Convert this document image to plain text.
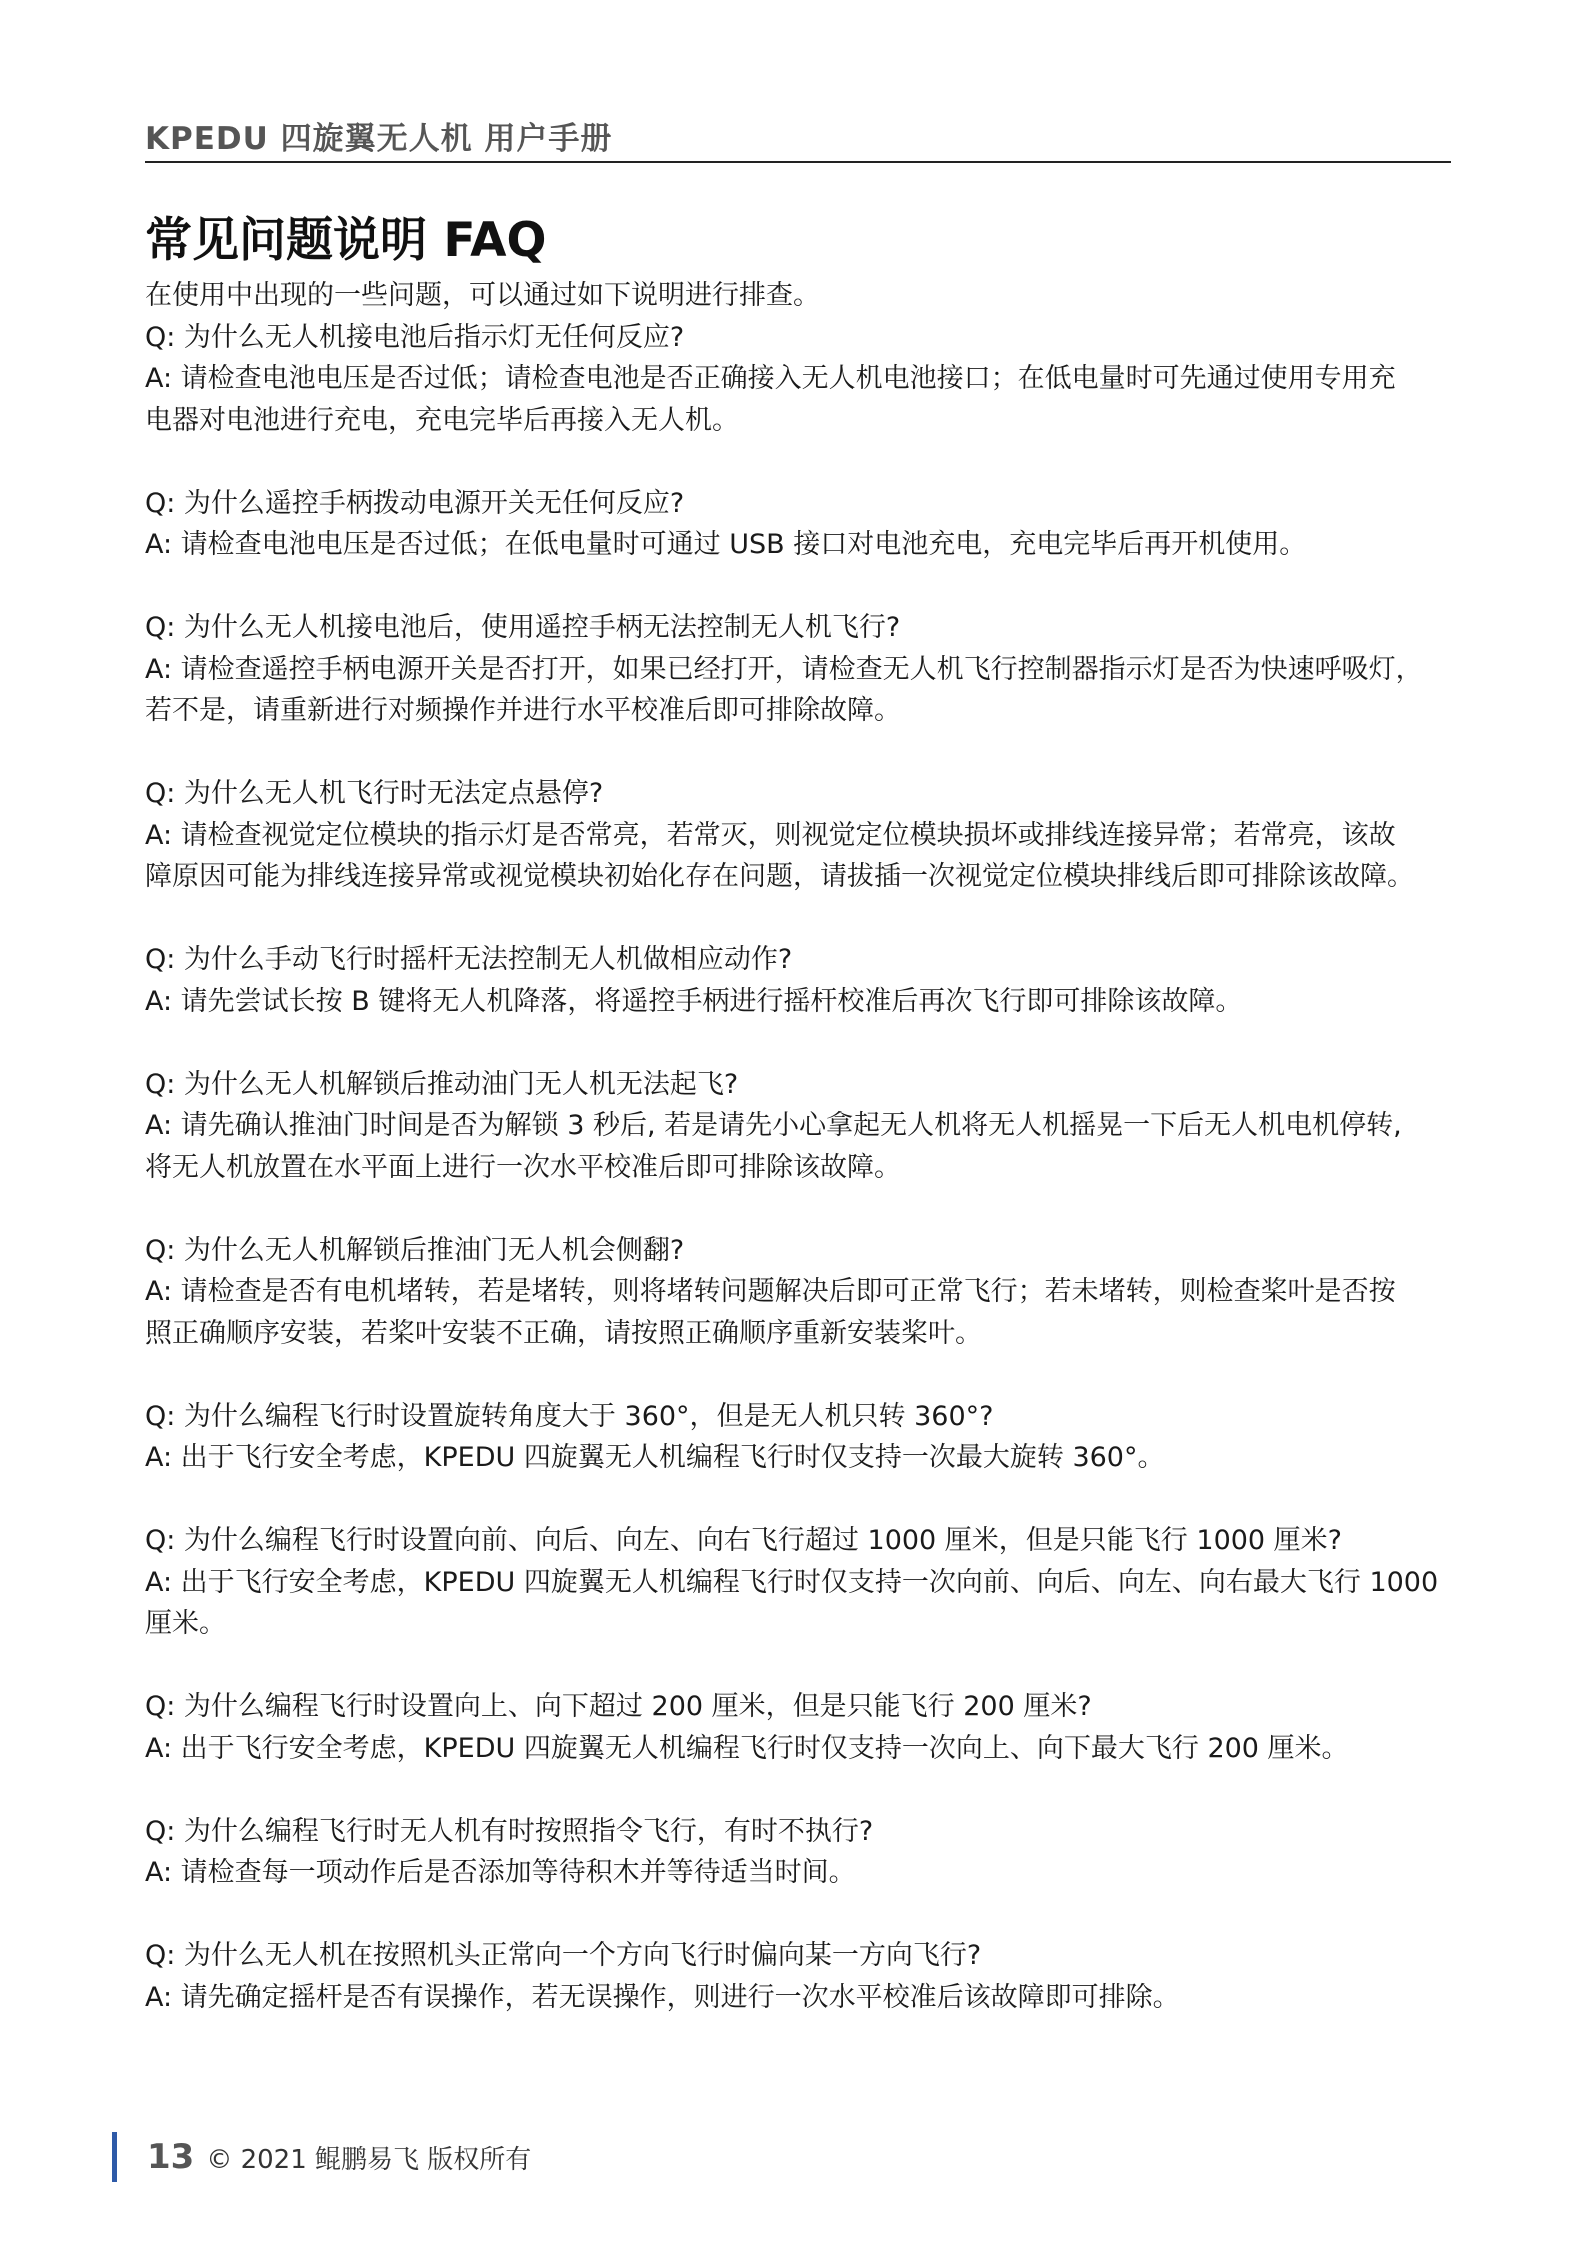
KPEDU 四旋翼无人机 用户手册
常见问题说明 FAQ
在使用中出现的一些问题，可以通过如下说明进行排查。
Q: 为什么无人机接电池后指示灯无任何反应?
A: 请检查电池电压是否过低；请检查电池是否正确接入无人机电池接口；在低电量时可先通过使用专用充
电器对电池进行充电，充电完毕后再接入无人机。
Q: 为什么遥控手柄拨动电源开关无任何反应?
A: 请检查电池电压是否过低；在低电量时可通过 USB 接口对电池充电，充电完毕后再开机使用。
Q: 为什么无人机接电池后，使用遥控手柄无法控制无人机飞行?
A: 请检查遥控手柄电源开关是否打开，如果已经打开，请检查无人机飞行控制器指示灯是否为快速呼吸灯，
若不是，请重新进行对频操作并进行水平校准后即可排除故障。
Q: 为什么无人机飞行时无法定点悬停?
A: 请检查视觉定位模块的指示灯是否常亮，若常灭，则视觉定位模块损坏或排线连接异常；若常亮，该故
障原因可能为排线连接异常或视觉模块初始化存在问题，请拔插一次视觉定位模块排线后即可排除该故障。
Q: 为什么手动飞行时摇杆无法控制无人机做相应动作?
A: 请先尝试长按 B 键将无人机降落，将遥控手柄进行摇杆校准后再次飞行即可排除该故障。
Q: 为什么无人机解锁后推动油门无人机无法起飞?
A: 请先确认推油门时间是否为解锁 3 秒后, 若是请先小心拿起无人机将无人机摇晃一下后无人机电机停转,
将无人机放置在水平面上进行一次水平校准后即可排除该故障。
Q: 为什么无人机解锁后推油门无人机会侧翻?
A: 请检查是否有电机堵转，若是堵转，则将堵转问题解决后即可正常飞行；若未堵转，则检查桨叶是否按
照正确顺序安装，若桨叶安装不正确，请按照正确顺序重新安装桨叶。
Q: 为什么编程飞行时设置旋转角度大于 360°，但是无人机只转 360°?
A: 出于飞行安全考虑，KPEDU 四旋翼无人机编程飞行时仅支持一次最大旋转 360°。
Q: 为什么编程飞行时设置向前、向后、向左、向右飞行超过 1000 厘米，但是只能飞行 1000 厘米?
A: 出于飞行安全考虑，KPEDU 四旋翼无人机编程飞行时仅支持一次向前、向后、向左、向右最大飞行 1000
厘米。
Q: 为什么编程飞行时设置向上、向下超过 200 厘米，但是只能飞行 200 厘米?
A: 出于飞行安全考虑，KPEDU 四旋翼无人机编程飞行时仅支持一次向上、向下最大飞行 200 厘米。
Q: 为什么编程飞行时无人机有时按照指令飞行，有时不执行?
A: 请检查每一项动作后是否添加等待积木并等待适当时间。
Q: 为什么无人机在按照机头正常向一个方向飞行时偏向某一方向飞行?
A: 请先确定摇杆是否有误操作，若无误操作，则进行一次水平校准后该故障即可排除。
13 © 2021 鲲鹏易飞 版权所有
